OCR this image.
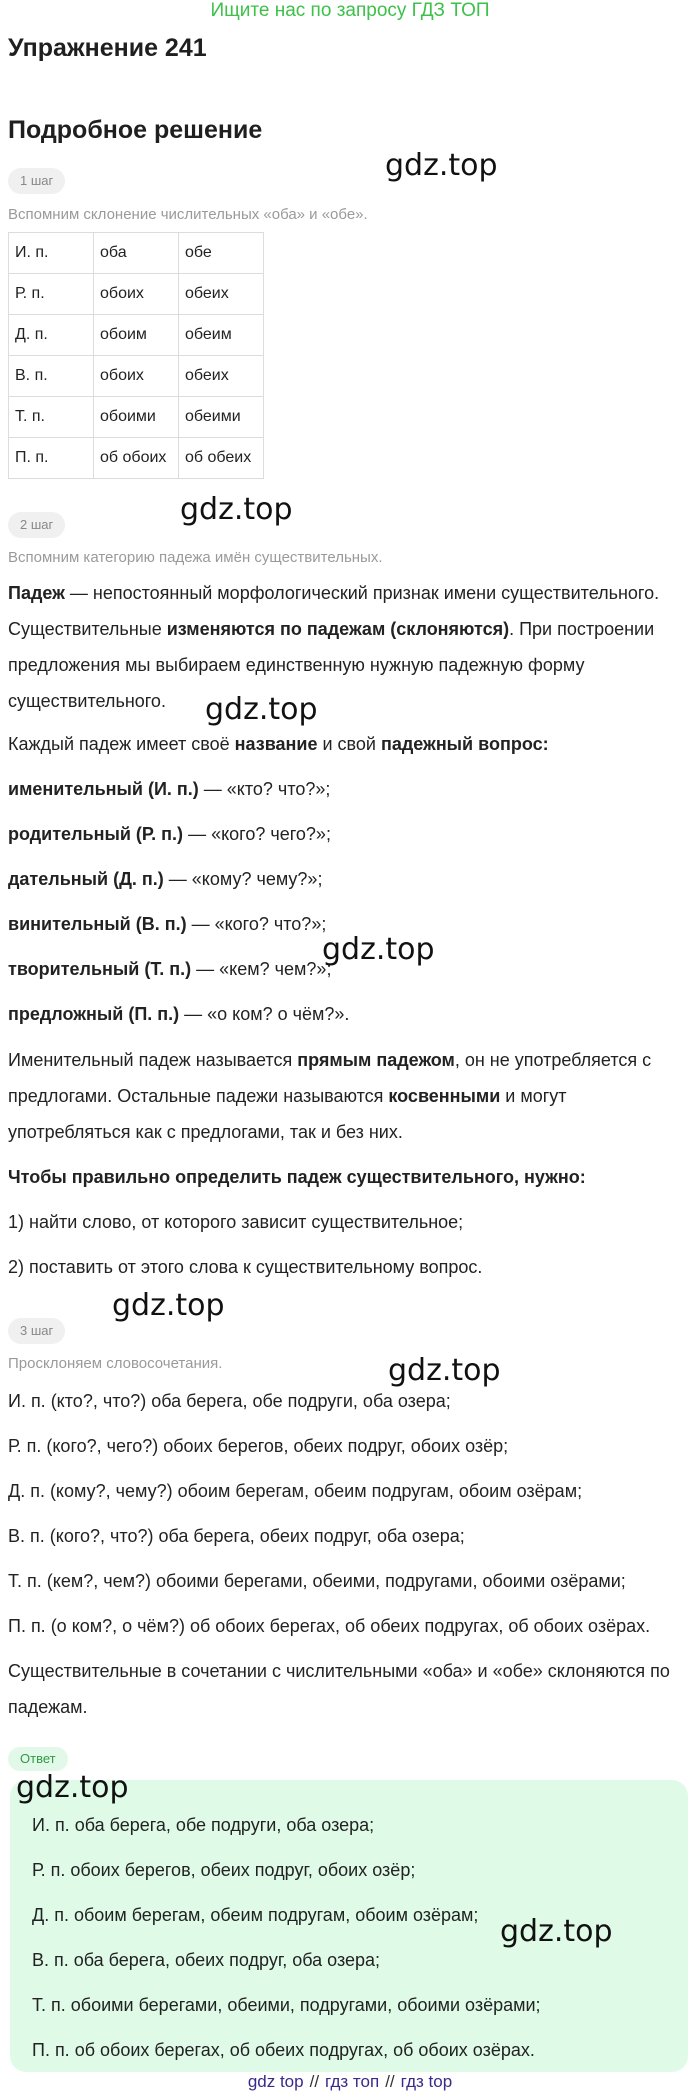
Ищите нас по запросу ГДЗ ТОП
Упражнение 241
Подробное решение
1 шаг
Вспомним склонение числительных «оба» и «обе».
И. п.	оба	обе
Р. п.	обоих	обеих
Д. п.	обоим	обеим
В. п.	обоих	обеих
Т. п.	обоими	обеими
П. п.	об обоих	об обеих
2 шаг
Вспомним категорию падежа имён существительных.
Падеж — непостоянный морфологический признак имени существительного. Существительные изменяются по падежам (склоняются). При построении предложения мы выбираем единственную нужную падежную форму существительного.
Каждый падеж имеет своё название и свой падежный вопрос:
именительный (И. п.) — «кто? что?»;
родительный (Р. п.) — «кого? чего?»;
дательный (Д. п.) — «кому? чему?»;
винительный (В. п.) — «кого? что?»;
творительный (Т. п.) — «кем? чем?»;
предложный (П. п.) — «о ком? о чём?».
Именительный падеж называется прямым падежом, он не употребляется с предлогами. Остальные падежи называются косвенными и могут употребляться как с предлогами, так и без них.
Чтобы правильно определить падеж существительного, нужно:
1) найти слово, от которого зависит существительное;
2) поставить от этого слова к существительному вопрос.
3 шаг
Просклоняем словосочетания.
И. п. (кто?, что?) оба берега, обе подруги, оба озера;
Р. п. (кого?, чего?) обоих берегов, обеих подруг, обоих озёр;
Д. п. (кому?, чему?) обоим берегам, обеим подругам, обоим озёрам;
В. п. (кого?, что?) оба берега, обеих подруг, оба озера;
Т. п. (кем?, чем?) обоими берегами, обеими, подругами, обоими озёрами;
П. п. (о ком?, о чём?) об обоих берегах, об обеих подругах, об обоих озёрах.
Существительные в сочетании с числительными «оба» и «обе» склоняются по падежам.
Ответ
И. п. оба берега, обе подруги, оба озера;
Р. п. обоих берегов, обеих подруг, обоих озёр;
Д. п. обоим берегам, обеим подругам, обоим озёрам;
В. п. оба берега, обеих подруг, оба озера;
Т. п. обоими берегами, обеими, подругами, обоими озёрами;
П. п. об обоих берегах, об обеих подругах, об обоих озёрах.
gdz.top
gdz.top
gdz.top
gdz.top
gdz.top
gdz.top
gdz.top
gdz.top
gdz top // гдз топ // гдз top
